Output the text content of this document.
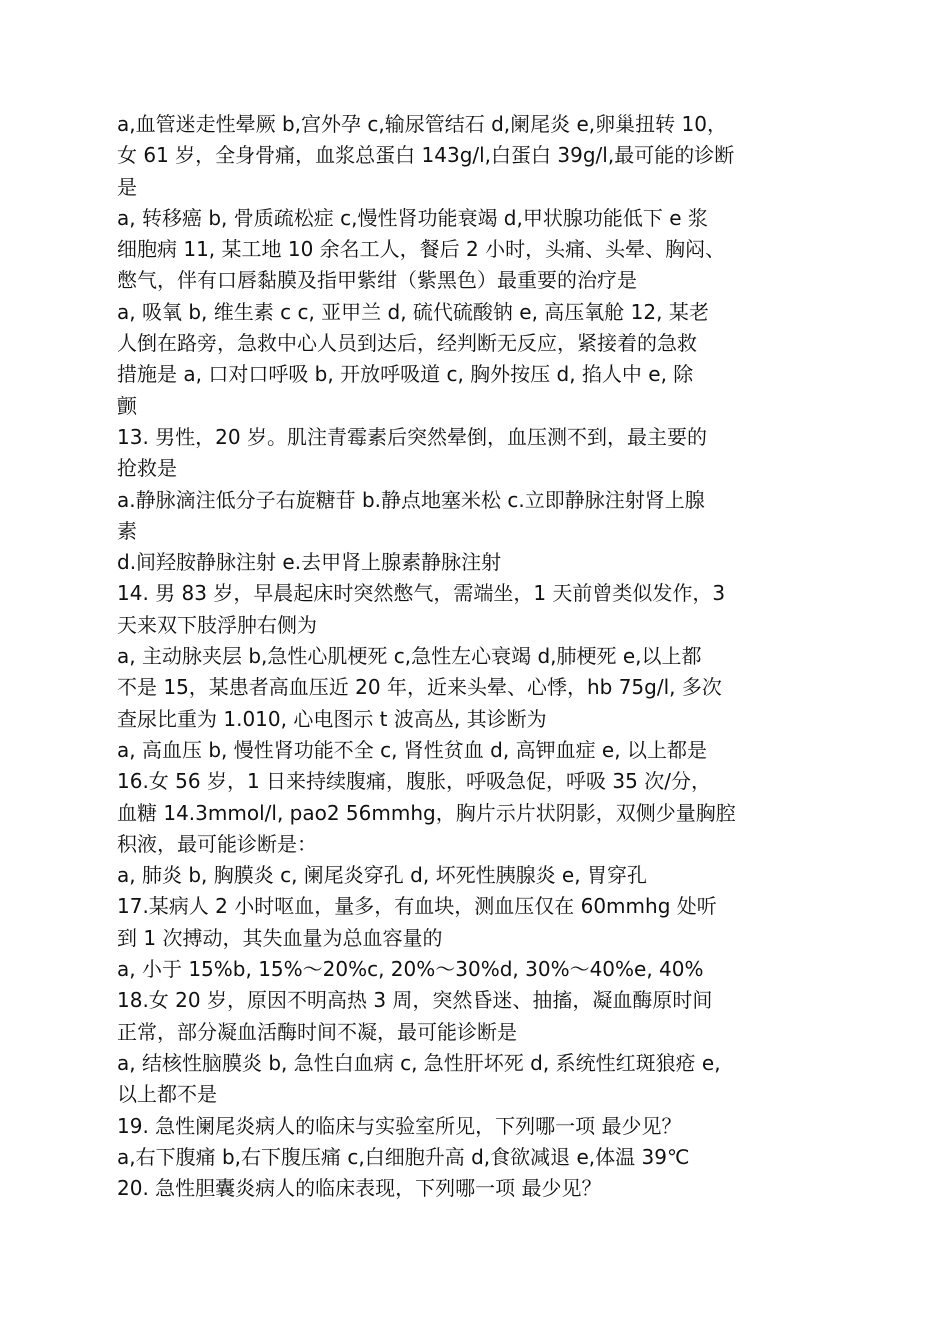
a,血管迷走性晕厥 b,宫外孕 c,输尿管结石 d,阑尾炎 e,卵巢扭转 10，
女 61 岁，全身骨痛，血浆总蛋白 143g/l,白蛋白 39g/l,最可能的诊断
是
a, 转移癌 b, 骨质疏松症 c,慢性肾功能衰竭 d,甲状腺功能低下 e 浆
细胞病 11, 某工地 10 余名工人，餐后 2 小时，头痛、头晕、胸闷、
憋气，伴有口唇黏膜及指甲紫绀（紫黑色）最重要的治疗是
a, 吸氧 b, 维生素 c c, 亚甲兰 d, 硫代硫酸钠 e, 高压氧舱 12, 某老
人倒在路旁，急救中心人员到达后，经判断无反应，紧接着的急救
措施是 a, 口对口呼吸 b, 开放呼吸道 c, 胸外按压 d, 掐人中 e, 除
颤
13. 男性，20 岁。肌注青霉素后突然晕倒，血压测不到，最主要的
抢救是
a.静脉滴注低分子右旋糖苷 b.静点地塞米松 c.立即静脉注射肾上腺
素
d.间羟胺静脉注射 e.去甲肾上腺素静脉注射
14. 男 83 岁，早晨起床时突然憋气，需端坐，1 天前曾类似发作，3
天来双下肢浮肿右侧为
a, 主动脉夹层 b,急性心肌梗死 c,急性左心衰竭 d,肺梗死 e,以上都
不是 15，某患者高血压近 20 年，近来头晕、心悸，hb 75g/l, 多次
查尿比重为 1.010, 心电图示 t 波高丛, 其诊断为
a, 高血压 b, 慢性肾功能不全 c, 肾性贫血 d, 高钾血症 e, 以上都是
16.女 56 岁，1 日来持续腹痛，腹胀，呼吸急促，呼吸 35 次/分，
血糖 14.3mmol/l, pao2 56mmhg，胸片示片状阴影，双侧少量胸腔
积液，最可能诊断是：
a, 肺炎 b, 胸膜炎 c, 阑尾炎穿孔 d, 坏死性胰腺炎 e, 胃穿孔
17.某病人 2 小时呕血，量多，有血块，测血压仅在 60mmhg 处听
到 1 次搏动，其失血量为总血容量的
a, 小于 15%b, 15%～20%c, 20%～30%d, 30%～40%e, 40%
18.女 20 岁，原因不明高热 3 周，突然昏迷、抽搐，凝血酶原时间
正常，部分凝血活酶时间不凝，最可能诊断是
a, 结核性脑膜炎 b, 急性白血病 c, 急性肝坏死 d, 系统性红斑狼疮 e,
以上都不是
19. 急性阑尾炎病人的临床与实验室所见，下列哪一项 最少见？
a,右下腹痛 b,右下腹压痛 c,白细胞升高 d,食欲减退 e,体温 39℃
20. 急性胆囊炎病人的临床表现，下列哪一项 最少见？
